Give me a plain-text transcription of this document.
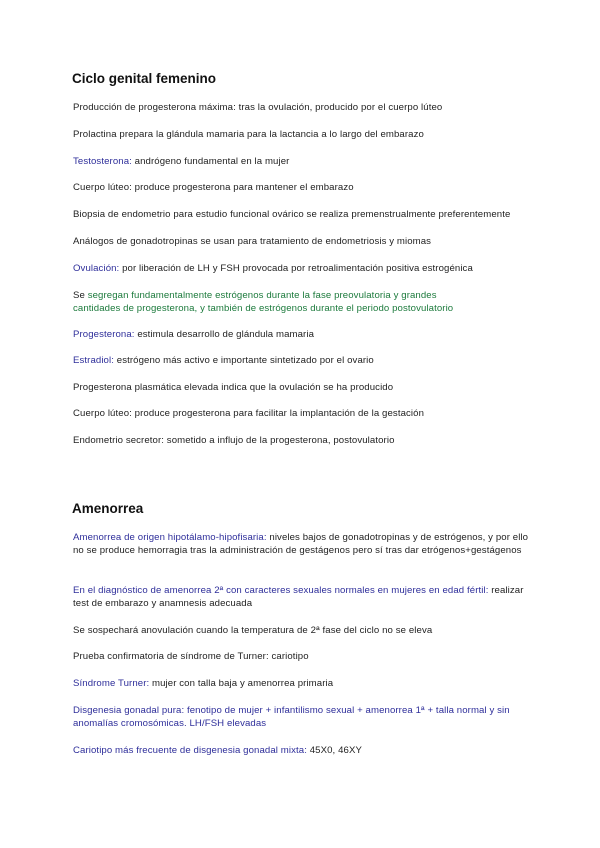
Ciclo genital femenino
Producción de progesterona máxima: tras la ovulación, producido por el cuerpo lúteo
Prolactina prepara la glándula mamaria para la lactancia a lo largo del embarazo
Testosterona: andrógeno fundamental en la mujer
Cuerpo lúteo: produce progesterona para mantener el embarazo
Biopsia de endometrio para estudio funcional ovárico se realiza premenstrualmente preferentemente
Análogos de gonadotropinas se usan para tratamiento de endometriosis y miomas
Ovulación: por liberación de LH y FSH provocada por retroalimentación positiva estrogénica
Se segregan fundamentalmente estrógenos durante la fase preovulatoria y grandes cantidades de progesterona, y también de estrógenos durante el periodo postovulatorio
Progesterona: estimula desarrollo de glándula mamaria
Estradiol: estrógeno más activo e importante sintetizado por el ovario
Progesterona plasmática elevada indica que la ovulación se ha producido
Cuerpo lúteo: produce progesterona para facilitar la implantación de la gestación
Endometrio secretor: sometido a influjo de la progesterona, postovulatorio
Amenorrea
Amenorrea de origen hipotálamo-hipofisaria: niveles bajos de gonadotropinas y de estrógenos, y por ello no se produce hemorragia tras la administración de gestágenos pero sí tras dar etrógenos+gestágenos
En el diagnóstico de amenorrea 2ª con caracteres sexuales normales en mujeres en edad fértil: realizar test de embarazo y anamnesis adecuada
Se sospechará anovulación cuando la temperatura de 2ª fase del ciclo no se eleva
Prueba confirmatoria de síndrome de Turner: cariotipo
Síndrome Turner: mujer con talla baja y amenorrea primaria
Disgenesia gonadal pura: fenotipo de mujer + infantilismo sexual + amenorrea 1ª + talla normal y sin anomalías cromosómicas. LH/FSH elevadas
Cariotipo más frecuente de disgenesia gonadal mixta: 45X0, 46XY
